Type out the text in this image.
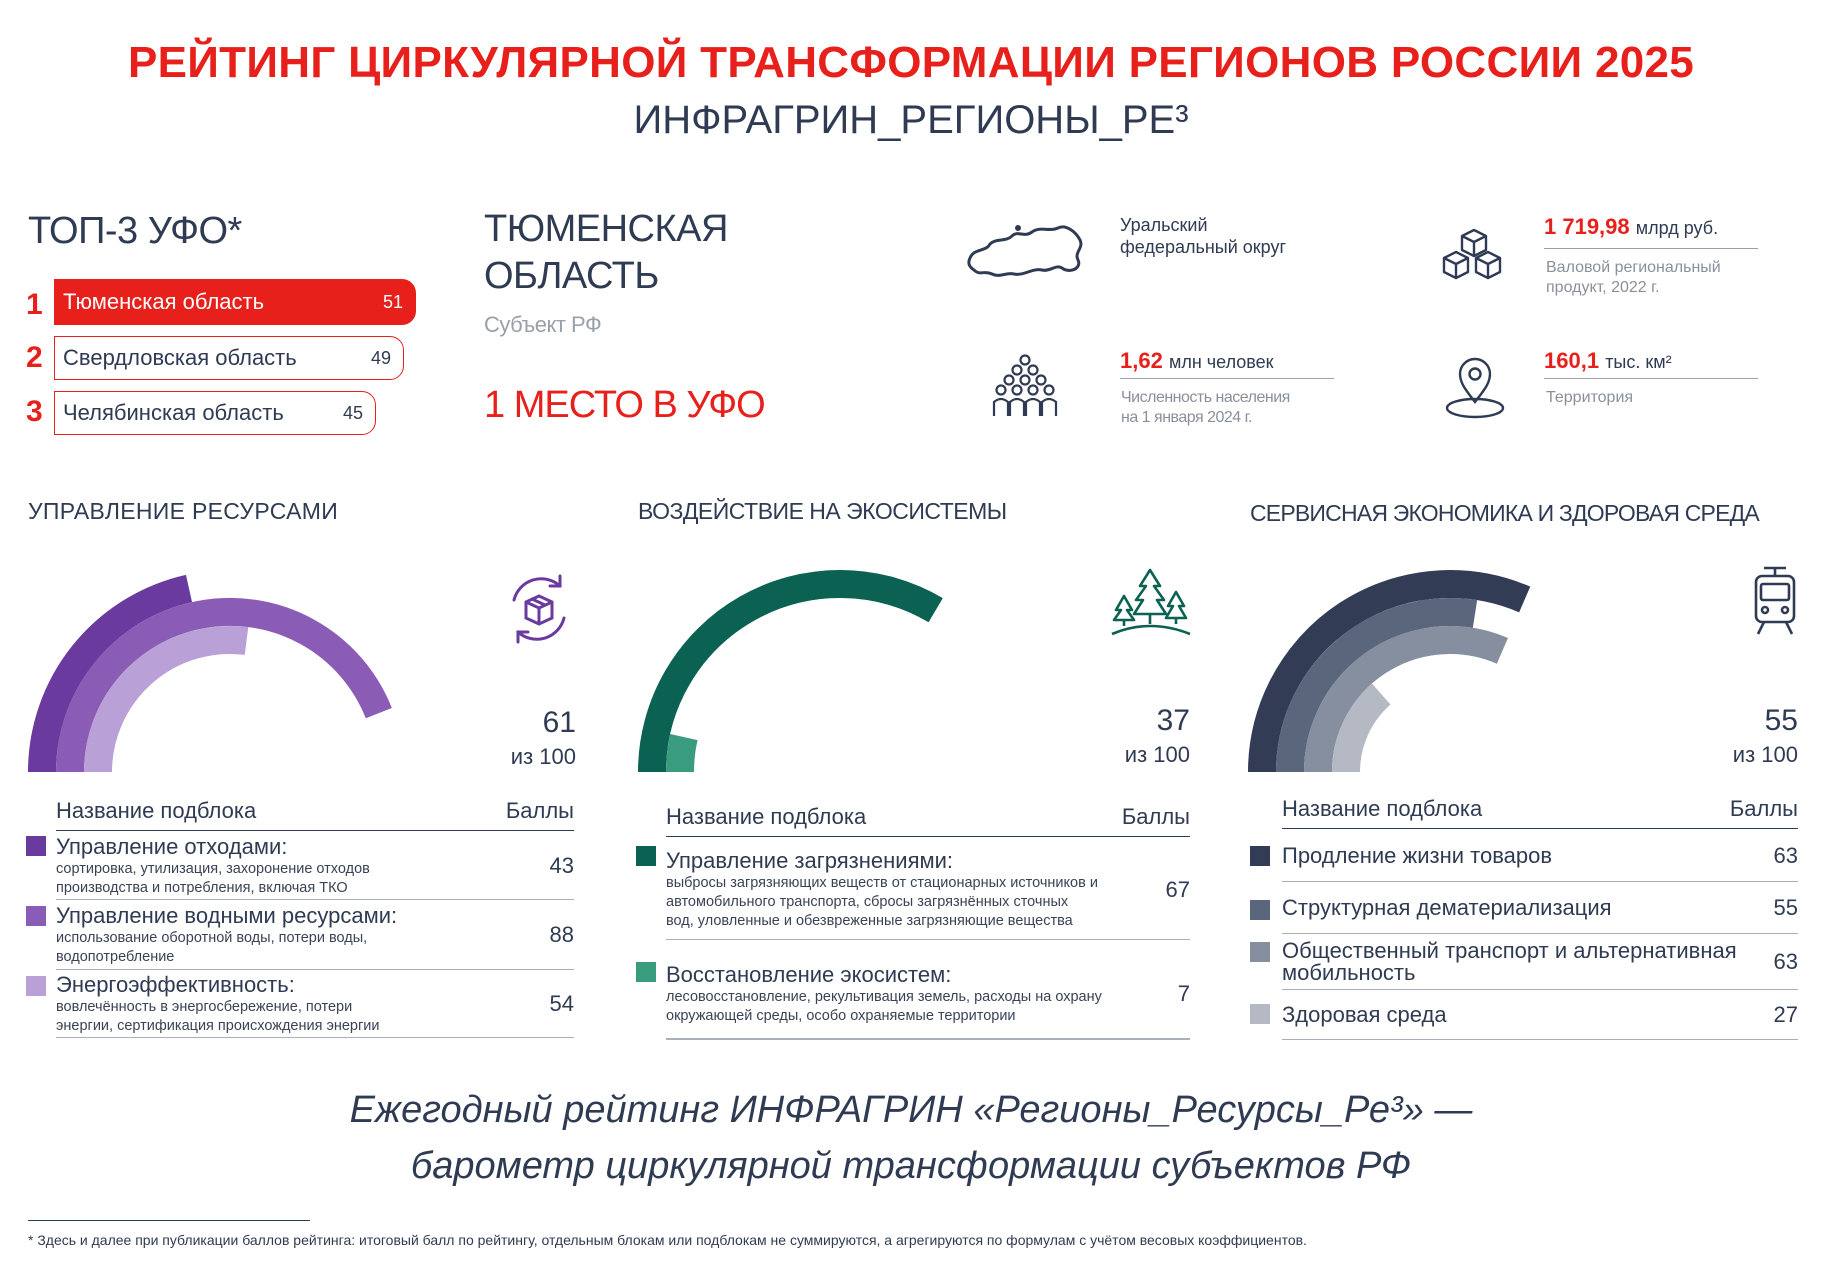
РЕЙТИНГ ЦИРКУЛЯРНОЙ ТРАНСФОРМАЦИИ РЕГИОНОВ РОССИИ 2025
ИНФРАГРИН_РЕГИОНЫ_РЕ³
ТОП-3 УФО*
1 Тюменская область	51
2 Свердловская область	49
3 Челябинская область	45
ТЮМЕНСКАЯ
ОБЛАСТЬ
Субъект РФ
1 МЕСТО В УФО
Уральский
федеральный округ
1 719,98 млрд руб.
Валовой региональный
продукт, 2022 г.
1,62 млн человек
Численность населения
на 1 января 2024 г.
160,1 тыс. км²
Территория
УПРАВЛЕНИЕ РЕСУРСАМИ	ВОЗДЕЙСТВИЕ НА ЭКОСИСТЕМЫ	СЕРВИСНАЯ ЭКОНОМИКА И ЗДОРОВАЯ СРЕДА
61
из 100
37
из 100
55
из 100
Название подблока	Баллы
Управление отходами:
сортировка, утилизация, захоронение отходов
производства и потребления, включая ТКО
43
Управление водными ресурсами:
использование оборотной воды, потери воды,
водопотребление
88
Энергоэффективность:
вовлечённость в энергосбережение, потери
энергии, сертификация происхождения энергии
54
Название подблока	Баллы
Управление загрязнениями:
выбросы загрязняющих веществ от стационарных источников и
автомобильного транспорта, сбросы загрязнённых сточных
вод, уловленные и обезвреженные загрязняющие вещества
67
Восстановление экосистем:
лесовосстановление, рекультивация земель, расходы на охрану
окружающей среды, особо охраняемые территории
7
Название подблока	Баллы
Продление жизни товаров	63
Структурная дематериализация	55
Общественный транспорт и альтернативная
мобильность	63
Здоровая среда	27
Ежегодный рейтинг ИНФРАГРИН «Регионы_Ресурсы_Ре³» —
барометр циркулярной трансформации субъектов РФ
* Здесь и далее при публикации баллов рейтинга: итоговый балл по рейтингу, отдельным блокам или подблокам не суммируются, а агрегируются по формулам с учётом весовых коэффициентов.
